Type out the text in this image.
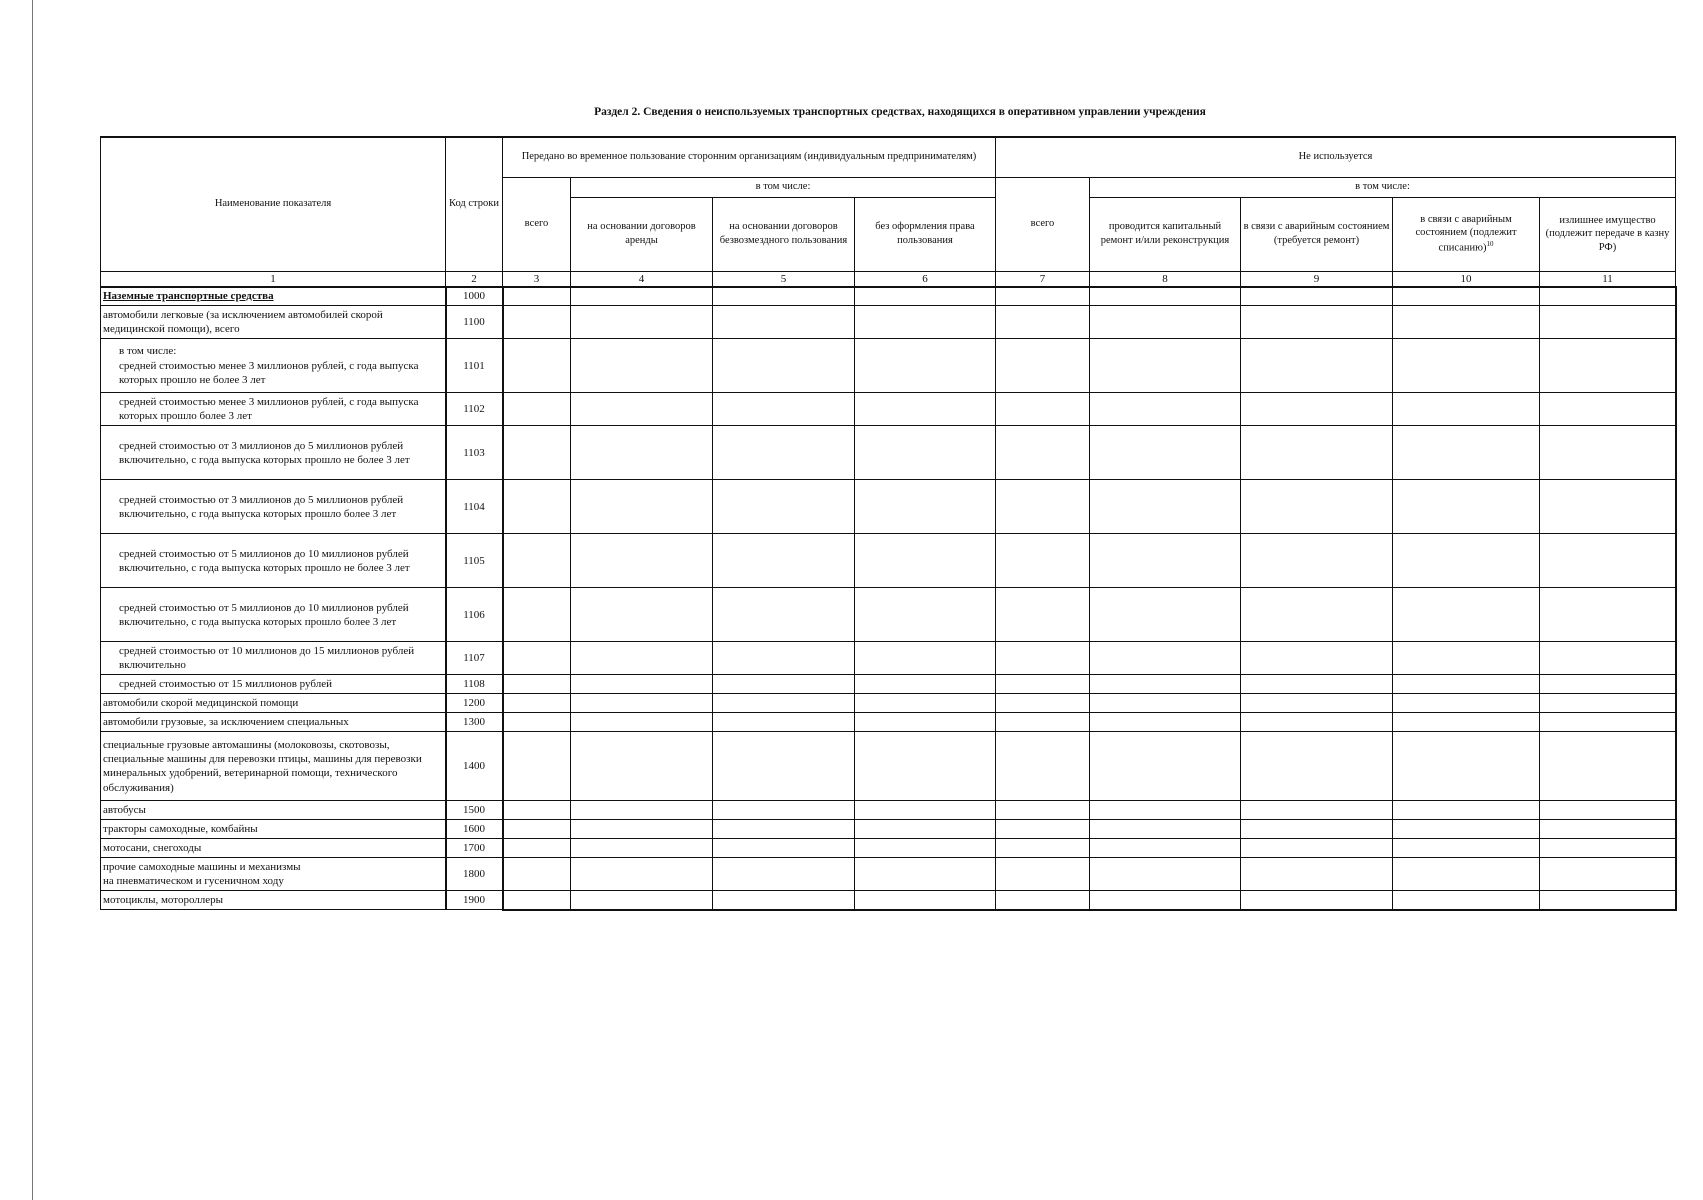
Раздел 2. Сведения о неиспользуемых транспортных средствах, находящихся в оперативном управлении учреждения
Наименование показателя	Код строки	Передано во временное пользование сторонним организациям (индивидуальным предпринимателям)				Не используется				
		всего	в том числе:			всего	в том числе:			
			на основании договоров аренды	на основании договоров безвозмездного пользования	без оформления права пользования		проводится капитальный ремонт и/или реконструкция	в связи с аварийным состоянием (требуется ремонт)	в связи с аварийным состоянием (подлежит списанию)$^{10}$	излишнее имущество (подлежит передаче в казну РФ)
1	2	3	4	5	6	7	8	9	10	11
Наземные транспортные средства	1000									
автомобили легковые (за исключением автомобилей скорой медицинской помощи), всего	1100									
в том числе:
средней стоимостью менее 3 миллионов рублей, с года выпуска которых прошло не более 3 лет	1101									
средней стоимостью менее 3 миллионов рублей, с года выпуска которых прошло более 3 лет	1102									
средней стоимостью от 3 миллионов до 5 миллионов рублей включительно, с года выпуска которых прошло не более 3 лет	1103									
средней стоимостью от 3 миллионов до 5 миллионов рублей включительно, с года выпуска которых прошло более 3 лет	1104									
средней стоимостью от 5 миллионов до 10 миллионов рублей включительно, с года выпуска которых прошло не более 3 лет	1105									
средней стоимостью от 5 миллионов до 10 миллионов рублей включительно, с года выпуска которых прошло более 3 лет	1106									
средней стоимостью от 10 миллионов до 15 миллионов рублей включительно	1107									
средней стоимостью от 15 миллионов рублей	1108									
автомобили скорой медицинской помощи	1200									
автомобили грузовые, за исключением специальных	1300									
специальные грузовые автомашины (молоковозы, скотовозы, специальные машины для перевозки птицы, машины для перевозки минеральных удобрений, ветеринарной помощи, технического обслуживания)	1400									
автобусы	1500									
тракторы самоходные, комбайны	1600									
мотосани, снегоходы	1700									
прочие самоходные машины и механизмы
на пневматическом и гусеничном ходу	1800									
мотоциклы, мотороллеры	1900									
